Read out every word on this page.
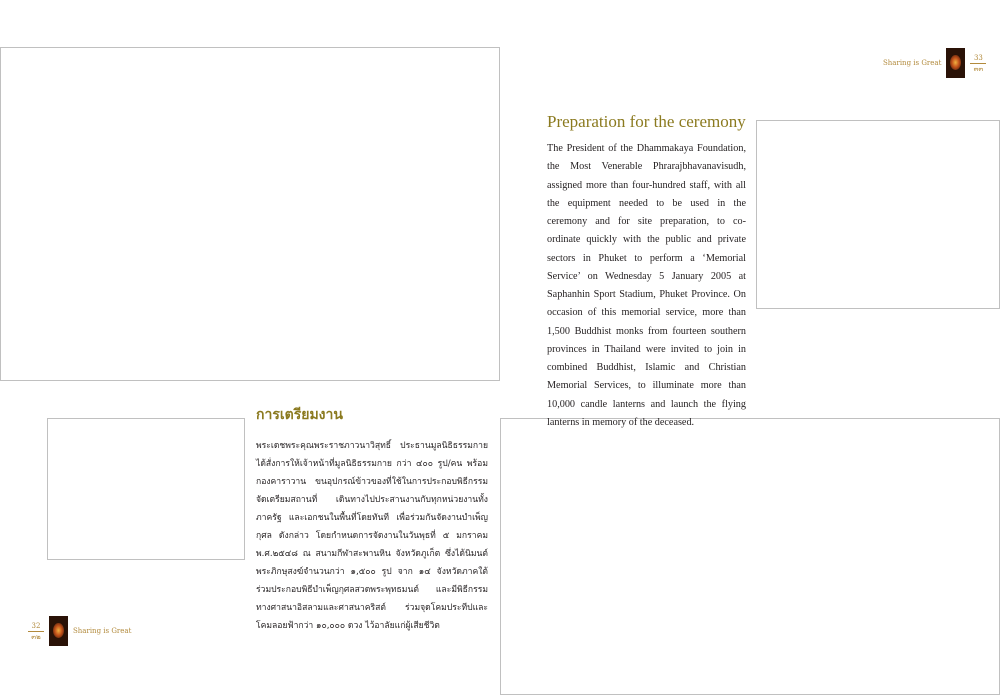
Sharing is Great
33
๓๓
Preparation for the ceremony

The President of the Dhammakaya Foundation, the Most Venerable Phrarajbhavanavisudh, assigned more than four-hundred staff, with all the equipment needed to be used in the ceremony and for site preparation, to co-ordinate quickly with the public and private sectors in Phuket to perform a ‘Memorial Service’ on Wednesday 5 January 2005 at Saphanhin Sport Stadium, Phuket Province. On occasion of this memorial service, more than 1,500 Buddhist monks from fourteen southern provinces in Thailand were invited to join in combined Buddhist, Islamic and Christian Memorial Services, to illuminate more than 10,000 candle lanterns and launch the flying lanterns in memory of the deceased.

การเตรียมงาน

พระเดชพระคุณพระราชภาวนาวิสุทธิ์ ประธานมูลนิธิธรรมกาย ได้สั่งการให้เจ้าหน้าที่มูลนิธิธรรมกาย กว่า ๔๐๐ รูป/คน พร้อมกองคาราวาน ขนอุปกรณ์ข้าวของที่ใช้ในการประกอบพิธีกรรม จัดเตรียมสถานที่ เดินทางไปประสานงานกับทุกหน่วยงานทั้งภาครัฐ และเอกชนในพื้นที่โดยทันที เพื่อร่วมกันจัดงานบำเพ็ญกุศล ดังกล่าว โดยกำหนดการจัดงานในวันพุธที่ ๕ มกราคม พ.ศ.๒๕๔๘ ณ สนามกีฬาสะพานหิน จังหวัดภูเก็ต ซึ่งได้นิมนต์พระภิกษุสงฆ์จำนวนกว่า ๑,๕๐๐ รูป จาก ๑๔ จังหวัดภาคใต้ ร่วมประกอบพิธีบำเพ็ญกุศลสวดพระพุทธมนต์ และมีพิธีกรรมทางศาสนาอิสลามและศาสนาคริสต์ ร่วมจุดโคมประทีปและโคมลอยฟ้ากว่า ๑๐,๐๐๐ ดวง ไว้อาลัยแก่ผู้เสียชีวิต

32
๓๒
Sharing is Great
